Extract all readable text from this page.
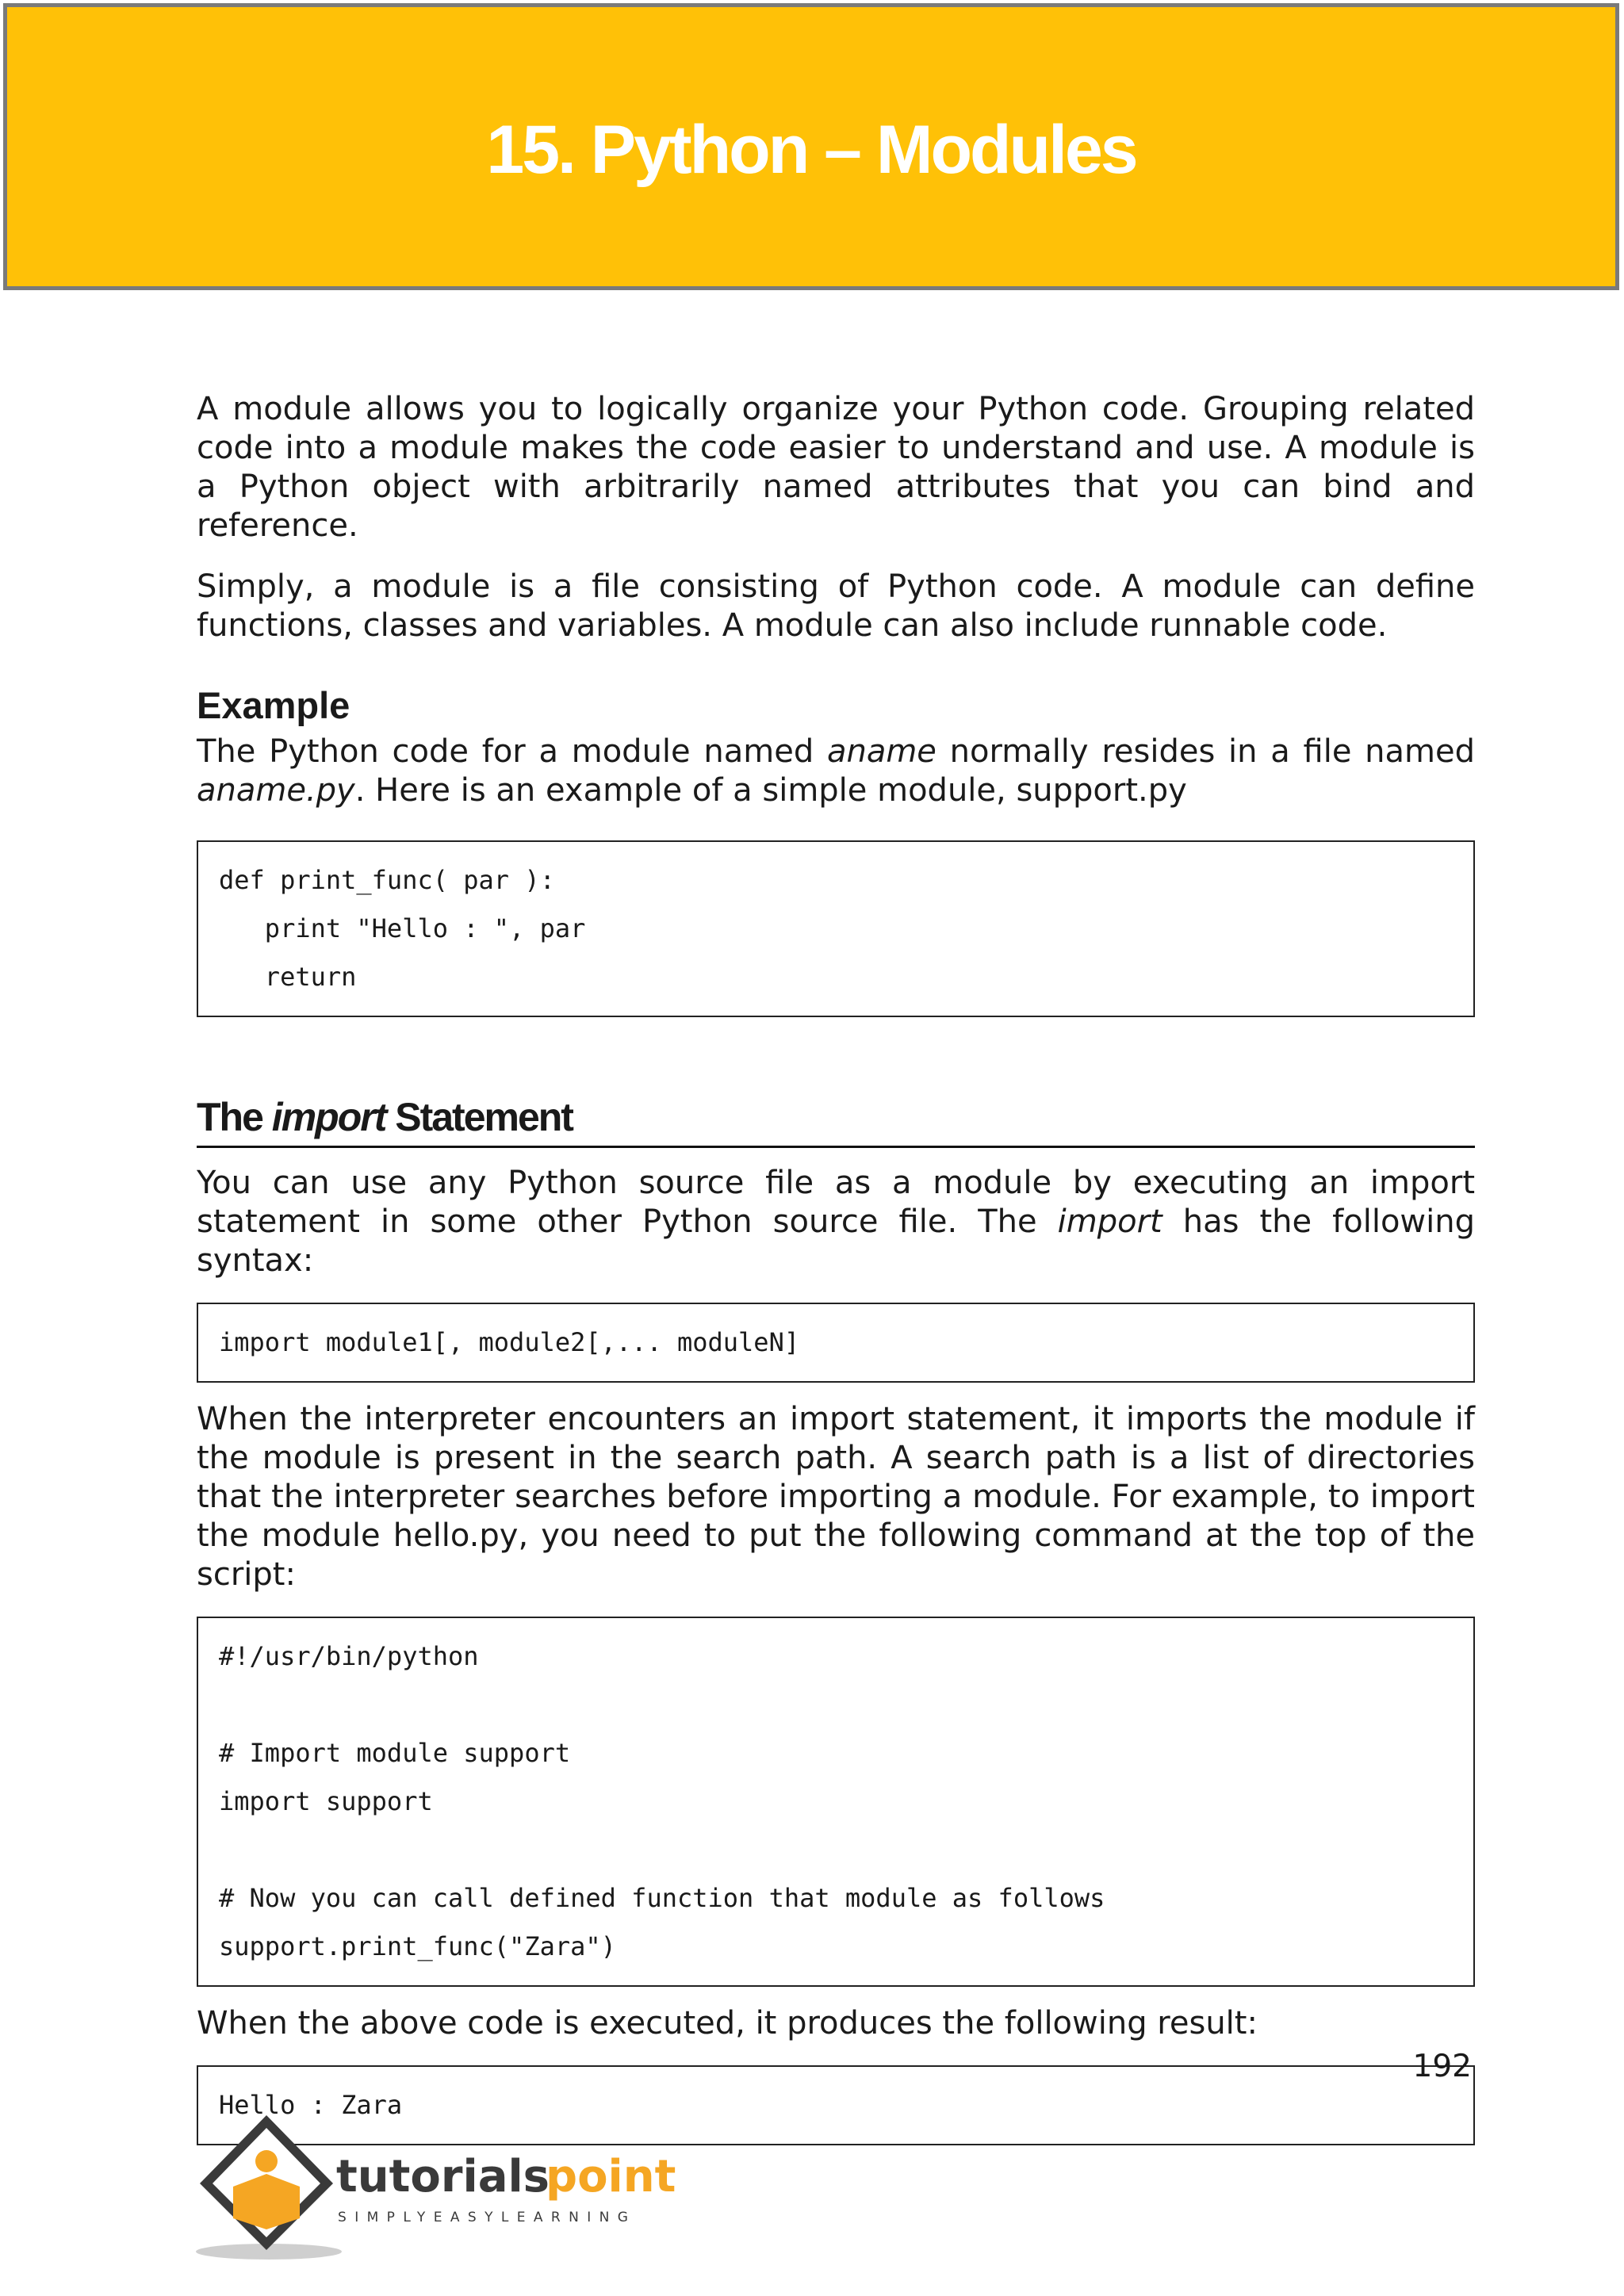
15. Python – Modules

A module allows you to logically organize your Python code. Grouping related code into a module makes the code easier to understand and use. A module is a Python object with arbitrarily named attributes that you can bind and reference.

Simply, a module is a file consisting of Python code. A module can define functions, classes and variables. A module can also include runnable code.

Example

The Python code for a module named aname normally resides in a file named aname.py. Here is an example of a simple module, support.py

def print_func( par ):
print "Hello : ", par
return
The import Statement

You can use any Python source file as a module by executing an import statement in some other Python source file. The import has the following syntax:

import module1[, module2[,... moduleN]

When the interpreter encounters an import statement, it imports the module if the module is present in the search path. A search path is a list of directories that the interpreter searches before importing a module. For example, to import the module hello.py, you need to put the following command at the top of the script:

#!/usr/bin/python
# Import module support
import support
# Now you can call defined function that module as follows
support.print_func("Zara")

When the above code is executed, it produces the following result:

Hello : Zara
192
tutorials
point
SIMPLYEASYLEARNING
